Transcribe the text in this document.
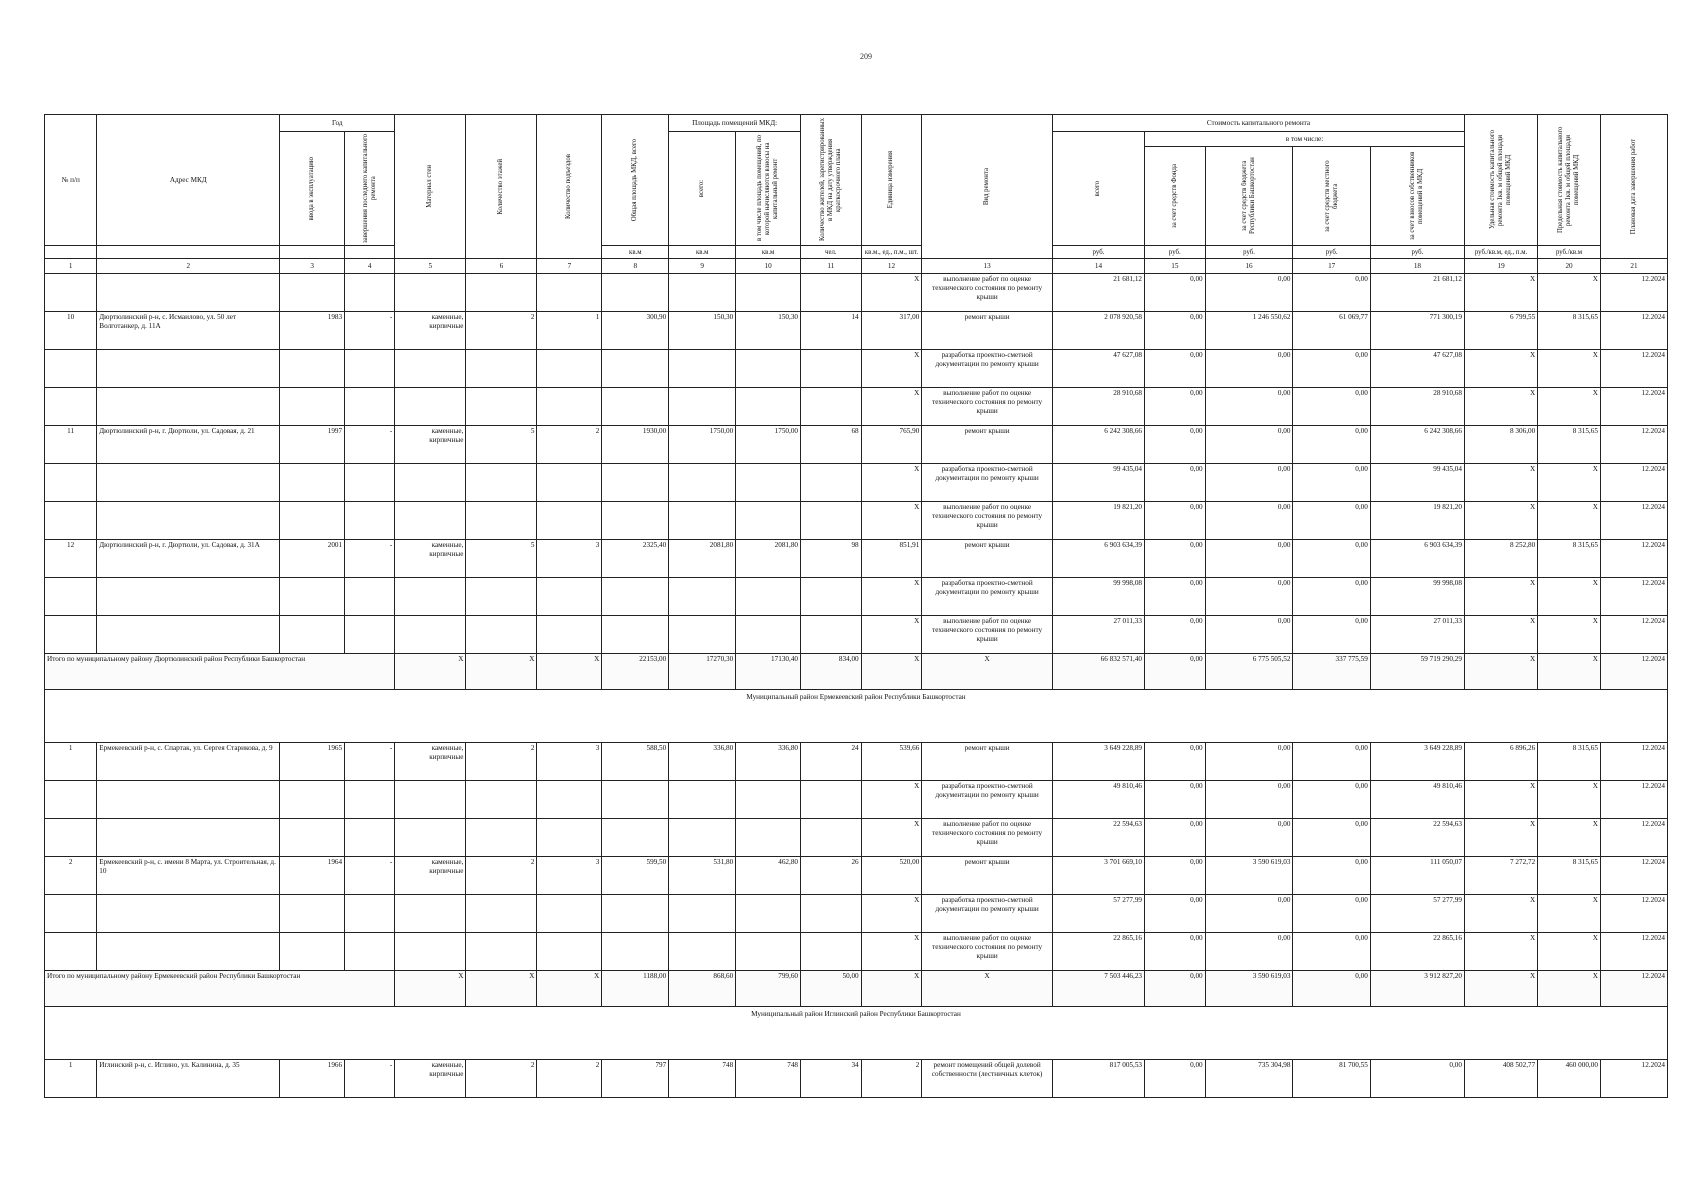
209
№ п/п	Адрес МКД	Год		Материал стен	Количество этажей	Количество подъездов	Общая площадь МКД, всего	Площадь помещений МКД:		Количество жителей, зарегистрированных в МКД на дату утверждения краткосрочного плана	Единица измерения	Вид ремонта	Стоимость капитального ремонта					Удельная стоимость капитального ремонта 1кв. м общей площади помещений МКД	Предельная стоимость капитального ремонта 1кв. м общей площади помещений МКД	Плановая дата завершения работ

		ввода в эксплуатацию	завершения последнего капитального ремонта					всего:	в том числе площадь помещений, по которой начисляются взносы на капитальный ремонт				всего	в том числе:						

														за счет средств Фонда	за счет средств бюджета Республики Башкортостан	за счет средств местного бюджета	за счет взносов собственников помещений в МКД			

							кв.м	кв.м	кв.м	чел.	кв.м., ед., п.м., шт.		руб.	руб.	руб.	руб.	руб.	руб./кв.м, ед., п.м.	руб./кв.м	
1	2	3	4	5	6	7	8	9	10	11	12	13	14	15	16	17	18	19	20	21
											X	выполнение работ по оценке технического состояния по ремонту крыши	21 681,12	0,00	0,00	0,00	21 681,12	X	X	12.2024
10	Дюртюлинский р-н, с. Исмаилово, ул. 50 лет Волготанкер, д. 11А	1983	-	каменные, кирпичные	2	1	300,90	150,30	150,30	14	317,00	ремонт крыши	2 078 920,58	0,00	1 246 550,62	61 069,77	771 300,19	6 799,55	8 315,65	12.2024
											X	разработка проектно-сметной документации по ремонту крыши	47 627,08	0,00	0,00	0,00	47 627,08	X	X	12.2024
											X	выполнение работ по оценке технического состояния по ремонту крыши	28 910,68	0,00	0,00	0,00	28 910,68	X	X	12.2024
11	Дюртюлинский р-н, г. Дюртюли, ул. Садовая, д. 21	1997	-	каменные, кирпичные	5	2	1930,00	1750,00	1750,00	68	765,90	ремонт крыши	6 242 308,66	0,00	0,00	0,00	6 242 308,66	8 306,00	8 315,65	12.2024
											X	разработка проектно-сметной документации по ремонту крыши	99 435,04	0,00	0,00	0,00	99 435,04	X	X	12.2024
											X	выполнение работ по оценке технического состояния по ремонту крыши	19 821,20	0,00	0,00	0,00	19 821,20	X	X	12.2024
12	Дюртюлинский р-н, г. Дюртюли, ул. Садовая, д. 31А	2001	-	каменные, кирпичные	5	3	2325,40	2081,80	2081,80	98	851,91	ремонт крыши	6 903 634,39	0,00	0,00	0,00	6 903 634,39	8 252,80	8 315,65	12.2024
											X	разработка проектно-сметной документации по ремонту крыши	99 998,08	0,00	0,00	0,00	99 998,08	X	X	12.2024
											X	выполнение работ по оценке технического состояния по ремонту крыши	27 011,33	0,00	0,00	0,00	27 011,33	X	X	12.2024
Итого по муниципальному району Дюртюлинский район Республики Башкортостан				X	X	X	22153,00	17270,30	17130,40	834,00	X	X	66 832 571,40	0,00	6 775 505,52	337 775,59	59 719 290,29	X	X	12.2024
Муниципальный район Ермекеевский район Республики Башкортостан																				
1	Ермекеевский р-н, с. Спартак, ул. Сергея Старикова, д. 9	1965	-	каменные, кирпичные	2	3	588,50	336,80	336,80	24	539,66	ремонт крыши	3 649 228,89	0,00	0,00	0,00	3 649 228,89	6 896,26	8 315,65	12.2024
											X	разработка проектно-сметной документации по ремонту крыши	49 810,46	0,00	0,00	0,00	49 810,46	X	X	12.2024
											X	выполнение работ по оценке технического состояния по ремонту крыши	22 594,63	0,00	0,00	0,00	22 594,63	X	X	12.2024
2	Ермекеевский р-н, с. имени 8 Марта, ул. Строительная, д. 10	1964	-	каменные, кирпичные	2	3	599,50	531,80	462,80	26	520,00	ремонт крыши	3 701 669,10	0,00	3 590 619,03	0,00	111 050,07	7 272,72	8 315,65	12.2024
											X	разработка проектно-сметной документации по ремонту крыши	57 277,99	0,00	0,00	0,00	57 277,99	X	X	12.2024
											X	выполнение работ по оценке технического состояния по ремонту крыши	22 865,16	0,00	0,00	0,00	22 865,16	X	X	12.2024
Итого по муниципальному району Ермекеевский район Республики Башкортостан				X	X	X	1188,00	868,60	799,60	50,00	X	X	7 503 446,23	0,00	3 590 619,03	0,00	3 912 827,20	X	X	12.2024
Муниципальный район Иглинский район Республики Башкортостан																				
1	Иглинский р-н, с. Иглино, ул. Калинина, д. 35	1966	-	каменные, кирпичные	2	2	797	748	748	34	2	ремонт помещений общей долевой собственности (лестничных клеток)	817 005,53	0,00	735 304,98	81 700,55	0,00	408 502,77	460 000,00	12.2024
